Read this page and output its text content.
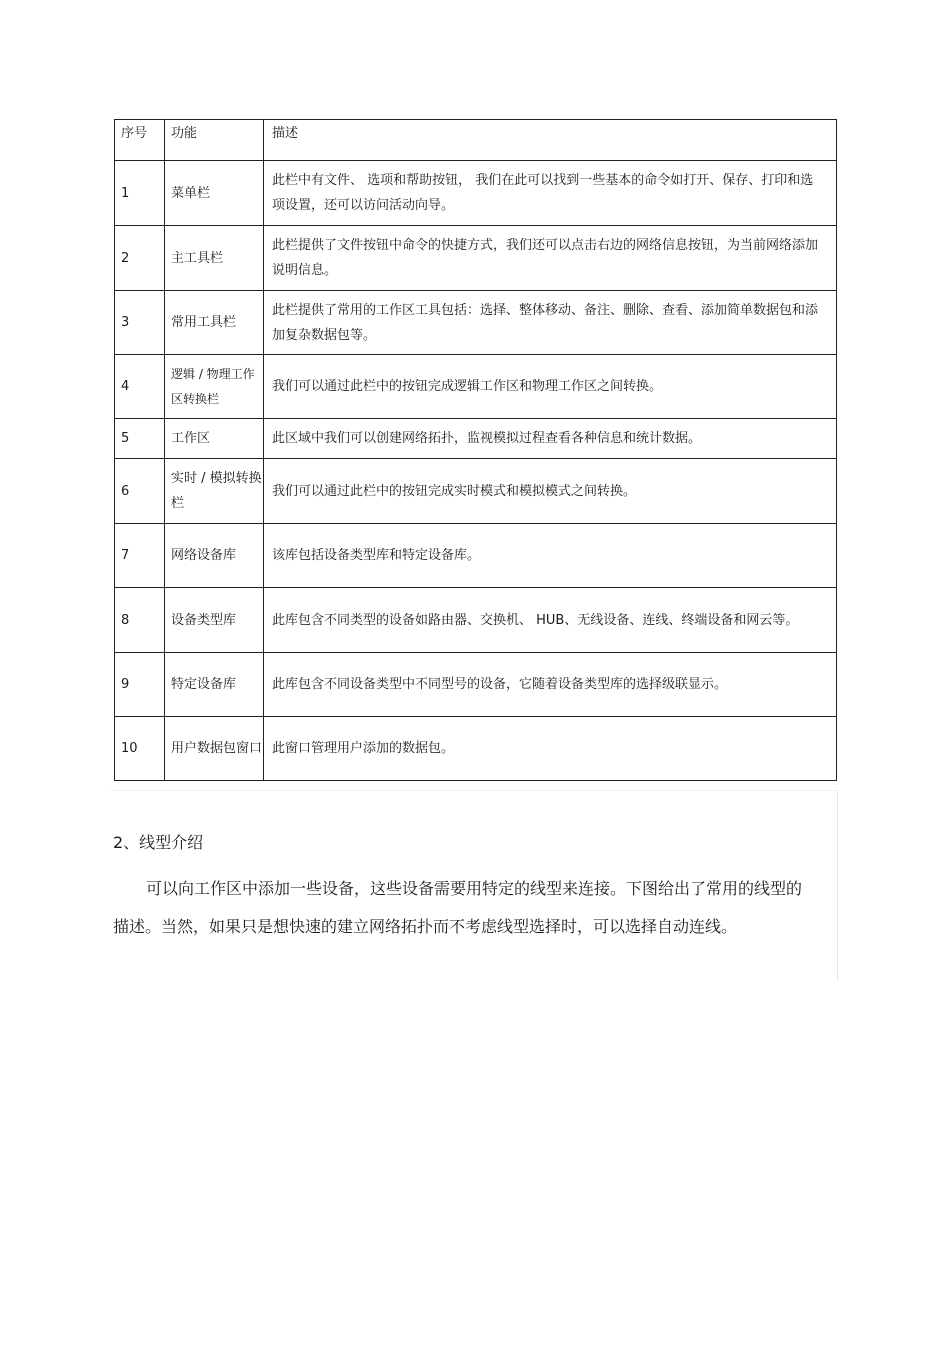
序号	功能	描述
1	菜单栏	此栏中有文件、 选项和帮助按钮， 我们在此可以找到一些基本的命令如打开、保存、打印和选项设置，还可以访问活动向导。
2	主工具栏	此栏提供了文件按钮中命令的快捷方式，我们还可以点击右边的网络信息按钮，为当前网络添加说明信息。
3	常用工具栏	此栏提供了常用的工作区工具包括：选择、整体移动、备注、删除、查看、添加简单数据包和添加复杂数据包等。
4	逻辑 / 物理工作区转换栏	我们可以通过此栏中的按钮完成逻辑工作区和物理工作区之间转换。
5	工作区	此区域中我们可以创建网络拓扑，监视模拟过程查看各种信息和统计数据。
6	实时 / 模拟转换栏	我们可以通过此栏中的按钮完成实时模式和模拟模式之间转换。
7	网络设备库	该库包括设备类型库和特定设备库。
8	设备类型库	此库包含不同类型的设备如路由器、交换机、 HUB、无线设备、连线、终端设备和网云等。
9	特定设备库	此库包含不同设备类型中不同型号的设备，它随着设备类型库的选择级联显示。
10	用户数据包窗口	此窗口管理用户添加的数据包。
2、线型介绍

可以向工作区中添加一些设备，这些设备需要用特定的线型来连接。下图给出了常用的线型的描述。当然，如果只是想快速的建立网络拓扑而不考虑线型选择时，可以选择自动连线。
